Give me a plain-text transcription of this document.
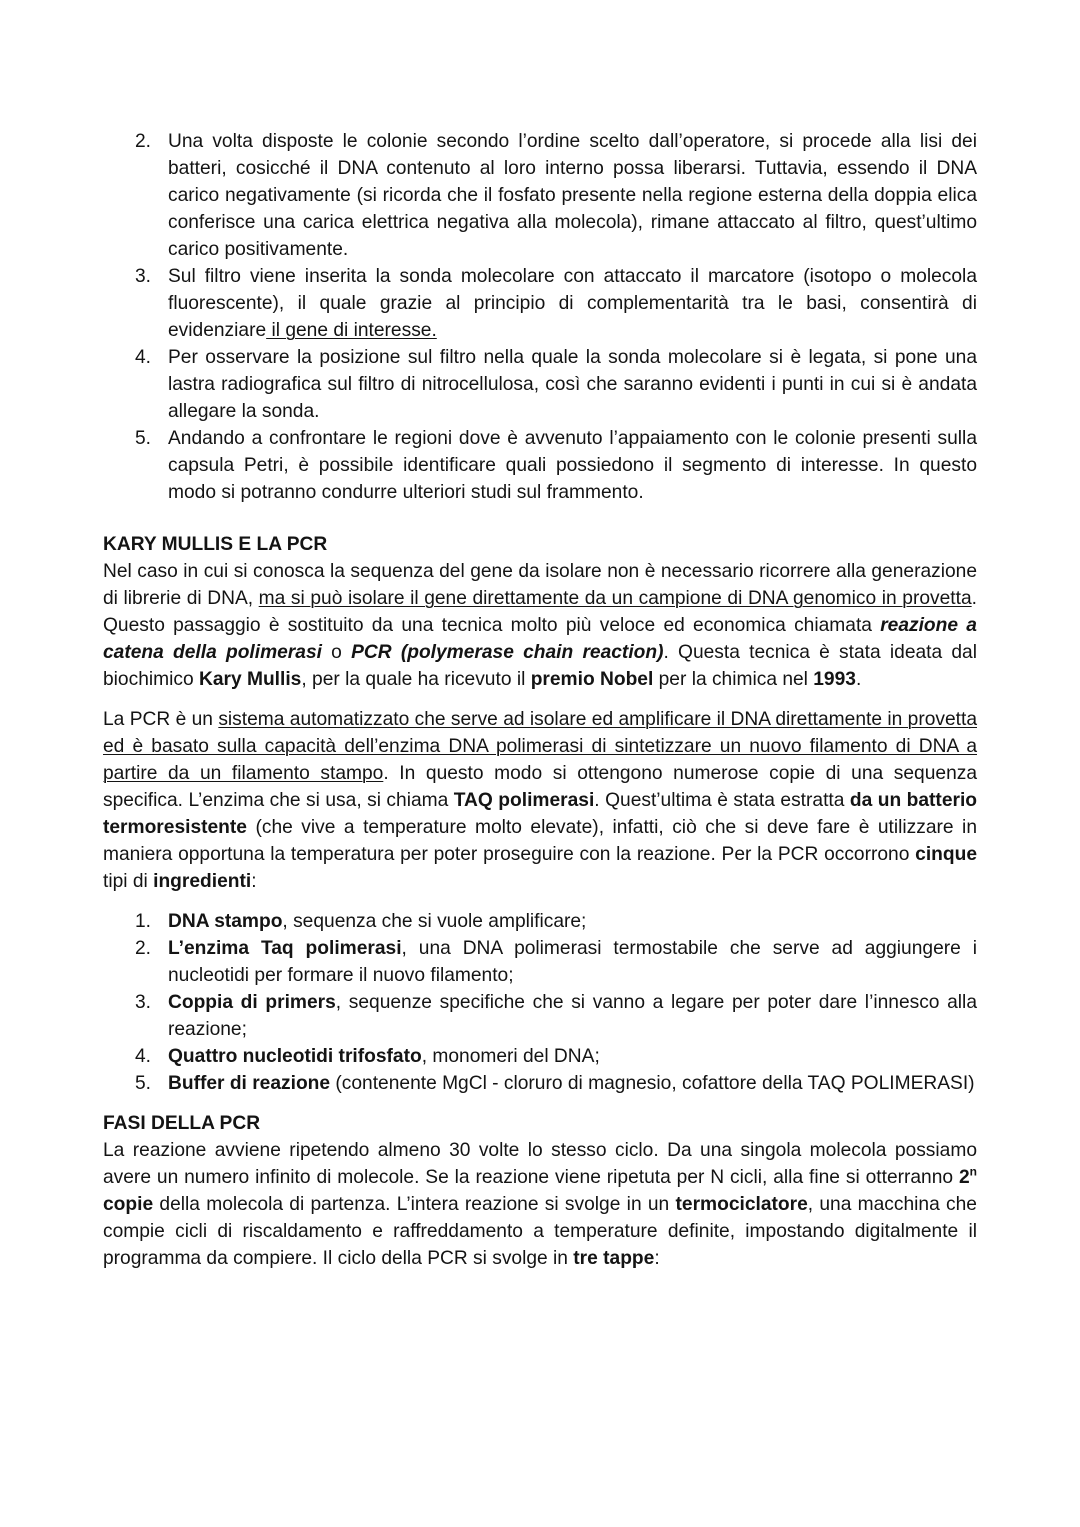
2. Una volta disposte le colonie secondo l’ordine scelto dall’operatore, si procede alla lisi dei batteri, cosicché il DNA contenuto al loro interno possa liberarsi. Tuttavia, essendo il DNA carico negativamente (si ricorda che il fosfato presente nella regione esterna della doppia elica conferisce una carica elettrica negativa alla molecola), rimane attaccato al filtro, quest’ultimo carico positivamente.
3. Sul filtro viene inserita la sonda molecolare con attaccato il marcatore (isotopo o molecola fluorescente), il quale grazie al principio di complementarità tra le basi, consentirà di evidenziare il gene di interesse.
4. Per osservare la posizione sul filtro nella quale la sonda molecolare si è legata, si pone una lastra radiografica sul filtro di nitrocellulosa, così che saranno evidenti i punti in cui si è andata allegare la sonda.
5. Andando a confrontare le regioni dove è avvenuto l’appaiamento con le colonie presenti sulla capsula Petri, è possibile identificare quali possiedono il segmento di interesse. In questo modo si potranno condurre ulteriori studi sul frammento.
KARY MULLIS E LA PCR

Nel caso in cui si conosca la sequenza del gene da isolare non è necessario ricorrere alla generazione di librerie di DNA, ma si può isolare il gene direttamente da un campione di DNA genomico in provetta. Questo passaggio è sostituito da una tecnica molto più veloce ed economica chiamata reazione a catena della polimerasi o PCR (polymerase chain reaction). Questa tecnica è stata ideata dal biochimico Kary Mullis, per la quale ha ricevuto il premio Nobel per la chimica nel 1993.

La PCR è un sistema automatizzato che serve ad isolare ed amplificare il DNA direttamente in provetta ed è basato sulla capacità dell’enzima DNA polimerasi di sintetizzare un nuovo filamento di DNA a partire da un filamento stampo. In questo modo si ottengono numerose copie di una sequenza specifica. L’enzima che si usa, si chiama TAQ polimerasi. Quest’ultima è stata estratta da un batterio termoresistente (che vive a temperature molto elevate), infatti, ciò che si deve fare è utilizzare in maniera opportuna la temperatura per poter proseguire con la reazione. Per la PCR occorrono cinque tipi di ingredienti:

1. DNA stampo, sequenza che si vuole amplificare;
2. L’enzima Taq polimerasi, una DNA polimerasi termostabile che serve ad aggiungere i nucleotidi per formare il nuovo filamento;
3. Coppia di primers, sequenze specifiche che si vanno a legare per poter dare l’innesco alla reazione;
4. Quattro nucleotidi trifosfato, monomeri del DNA;
5. Buffer di reazione (contenente MgCl - cloruro di magnesio, cofattore della TAQ POLIMERASI)
FASI DELLA PCR

La reazione avviene ripetendo almeno 30 volte lo stesso ciclo. Da una singola molecola possiamo avere un numero infinito di molecole. Se la reazione viene ripetuta per N cicli, alla fine si otterranno 2$^n$ copie della molecola di partenza. L’intera reazione si svolge in un termociclatore, una macchina che compie cicli di riscaldamento e raffreddamento a temperature definite, impostando digitalmente il programma da compiere. Il ciclo della PCR si svolge in tre tappe:
